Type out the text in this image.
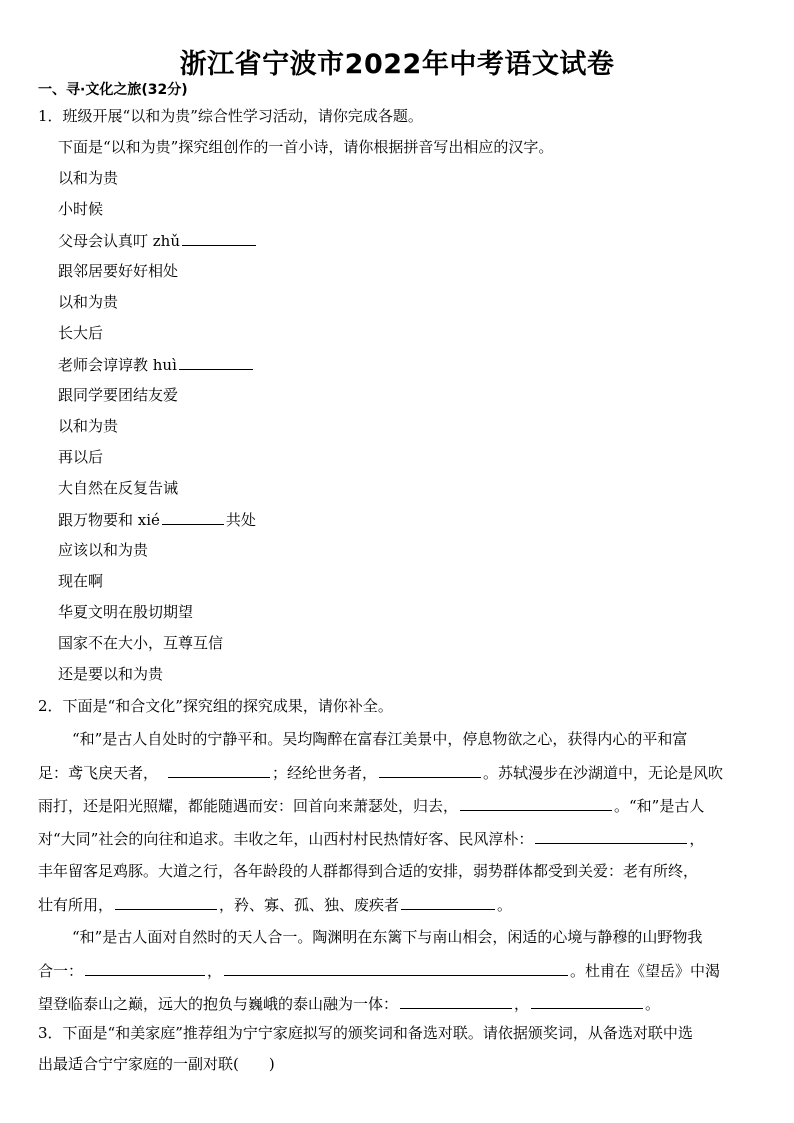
浙江省宁波市2022年中考语文试卷
一、寻·文化之旅(32分)
1．班级开展“以和为贵”综合性学习活动，请你完成各题。
下面是“以和为贵”探究组创作的一首小诗，请你根据拼音写出相应的汉字。
以和为贵
小时候
父母会认真叮 zhǔ
跟邻居要好好相处
以和为贵
长大后
老师会谆谆教 huì
跟同学要团结友爱
以和为贵
再以后
大自然在反复告诫
跟万物要和 xié	共处
应该以和为贵
现在啊
华夏文明在殷切期望
国家不在大小，互尊互信
还是要以和为贵
2．下面是“和合文化”探究组的探究成果，请你补全。
“和”是古人自处时的宁静平和。吴均陶醉在富春江美景中，停息物欲之心，获得内心的平和富
足：鸢飞戾天者，	；经纶世务者，	。苏轼漫步在沙湖道中，无论是风吹
雨打，还是阳光照耀，都能随遇而安：回首向来萧瑟处，归去，	。“和”是古人
对“大同”社会的向往和追求。丰收之年，山西村村民热情好客、民风淳朴：	，
丰年留客足鸡豚。大道之行，各年龄段的人群都得到合适的安排，弱势群体都受到关爱：老有所终，
壮有所用，	，矜、寡、孤、独、废疾者	。
“和”是古人面对自然时的天人合一。陶渊明在东篱下与南山相会，闲适的心境与静穆的山野物我
合一：	，	。杜甫在《望岳》中渴
望登临泰山之巅，远大的抱负与巍峨的泰山融为一体：	，	。
3．下面是“和美家庭”推荐组为宁宁家庭拟写的颁奖词和备选对联。请依据颁奖词，从备选对联中选
出最适合宁宁家庭的一副对联(　　)
